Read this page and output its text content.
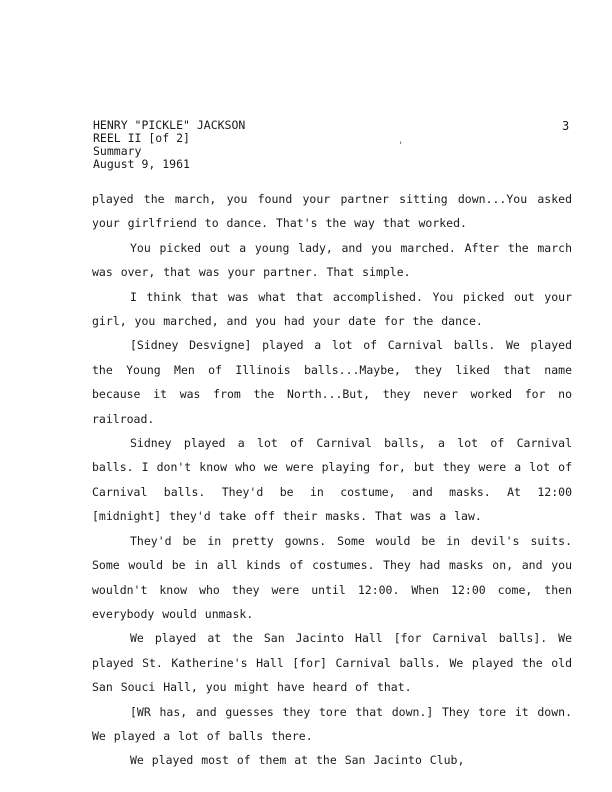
HENRY "PICKLE" JACKSON
REEL II [of 2]
Summary
August 9, 1961
3
'

played the march, you found your partner sitting down...You asked your girlfriend to dance. That's the way that worked.

You picked out a young lady, and you marched. After the march was over, that was your partner. That simple.

I think that was what that accomplished. You picked out your girl, you marched, and you had your date for the dance.

[Sidney Desvigne] played a lot of Carnival balls. We played the Young Men of Illinois balls...Maybe, they liked that name because it was from the North...But, they never worked for no railroad.

Sidney played a lot of Carnival balls, a lot of Carnival balls. I don't know who we were playing for, but they were a lot of Carnival balls. They'd be in costume, and masks. At 12:00 [midnight] they'd take off their masks. That was a law.

They'd be in pretty gowns. Some would be in devil's suits. Some would be in all kinds of costumes. They had masks on, and you wouldn't know who they were until 12:00. When 12:00 come, then everybody would unmask.

We played at the San Jacinto Hall [for Carnival balls]. We played St. Katherine's Hall [for] Carnival balls. We played the old San Souci Hall, you might have heard of that.

[WR has, and guesses they tore that down.] They tore it down. We played a lot of balls there.

We played most of them at the San Jacinto Club,
